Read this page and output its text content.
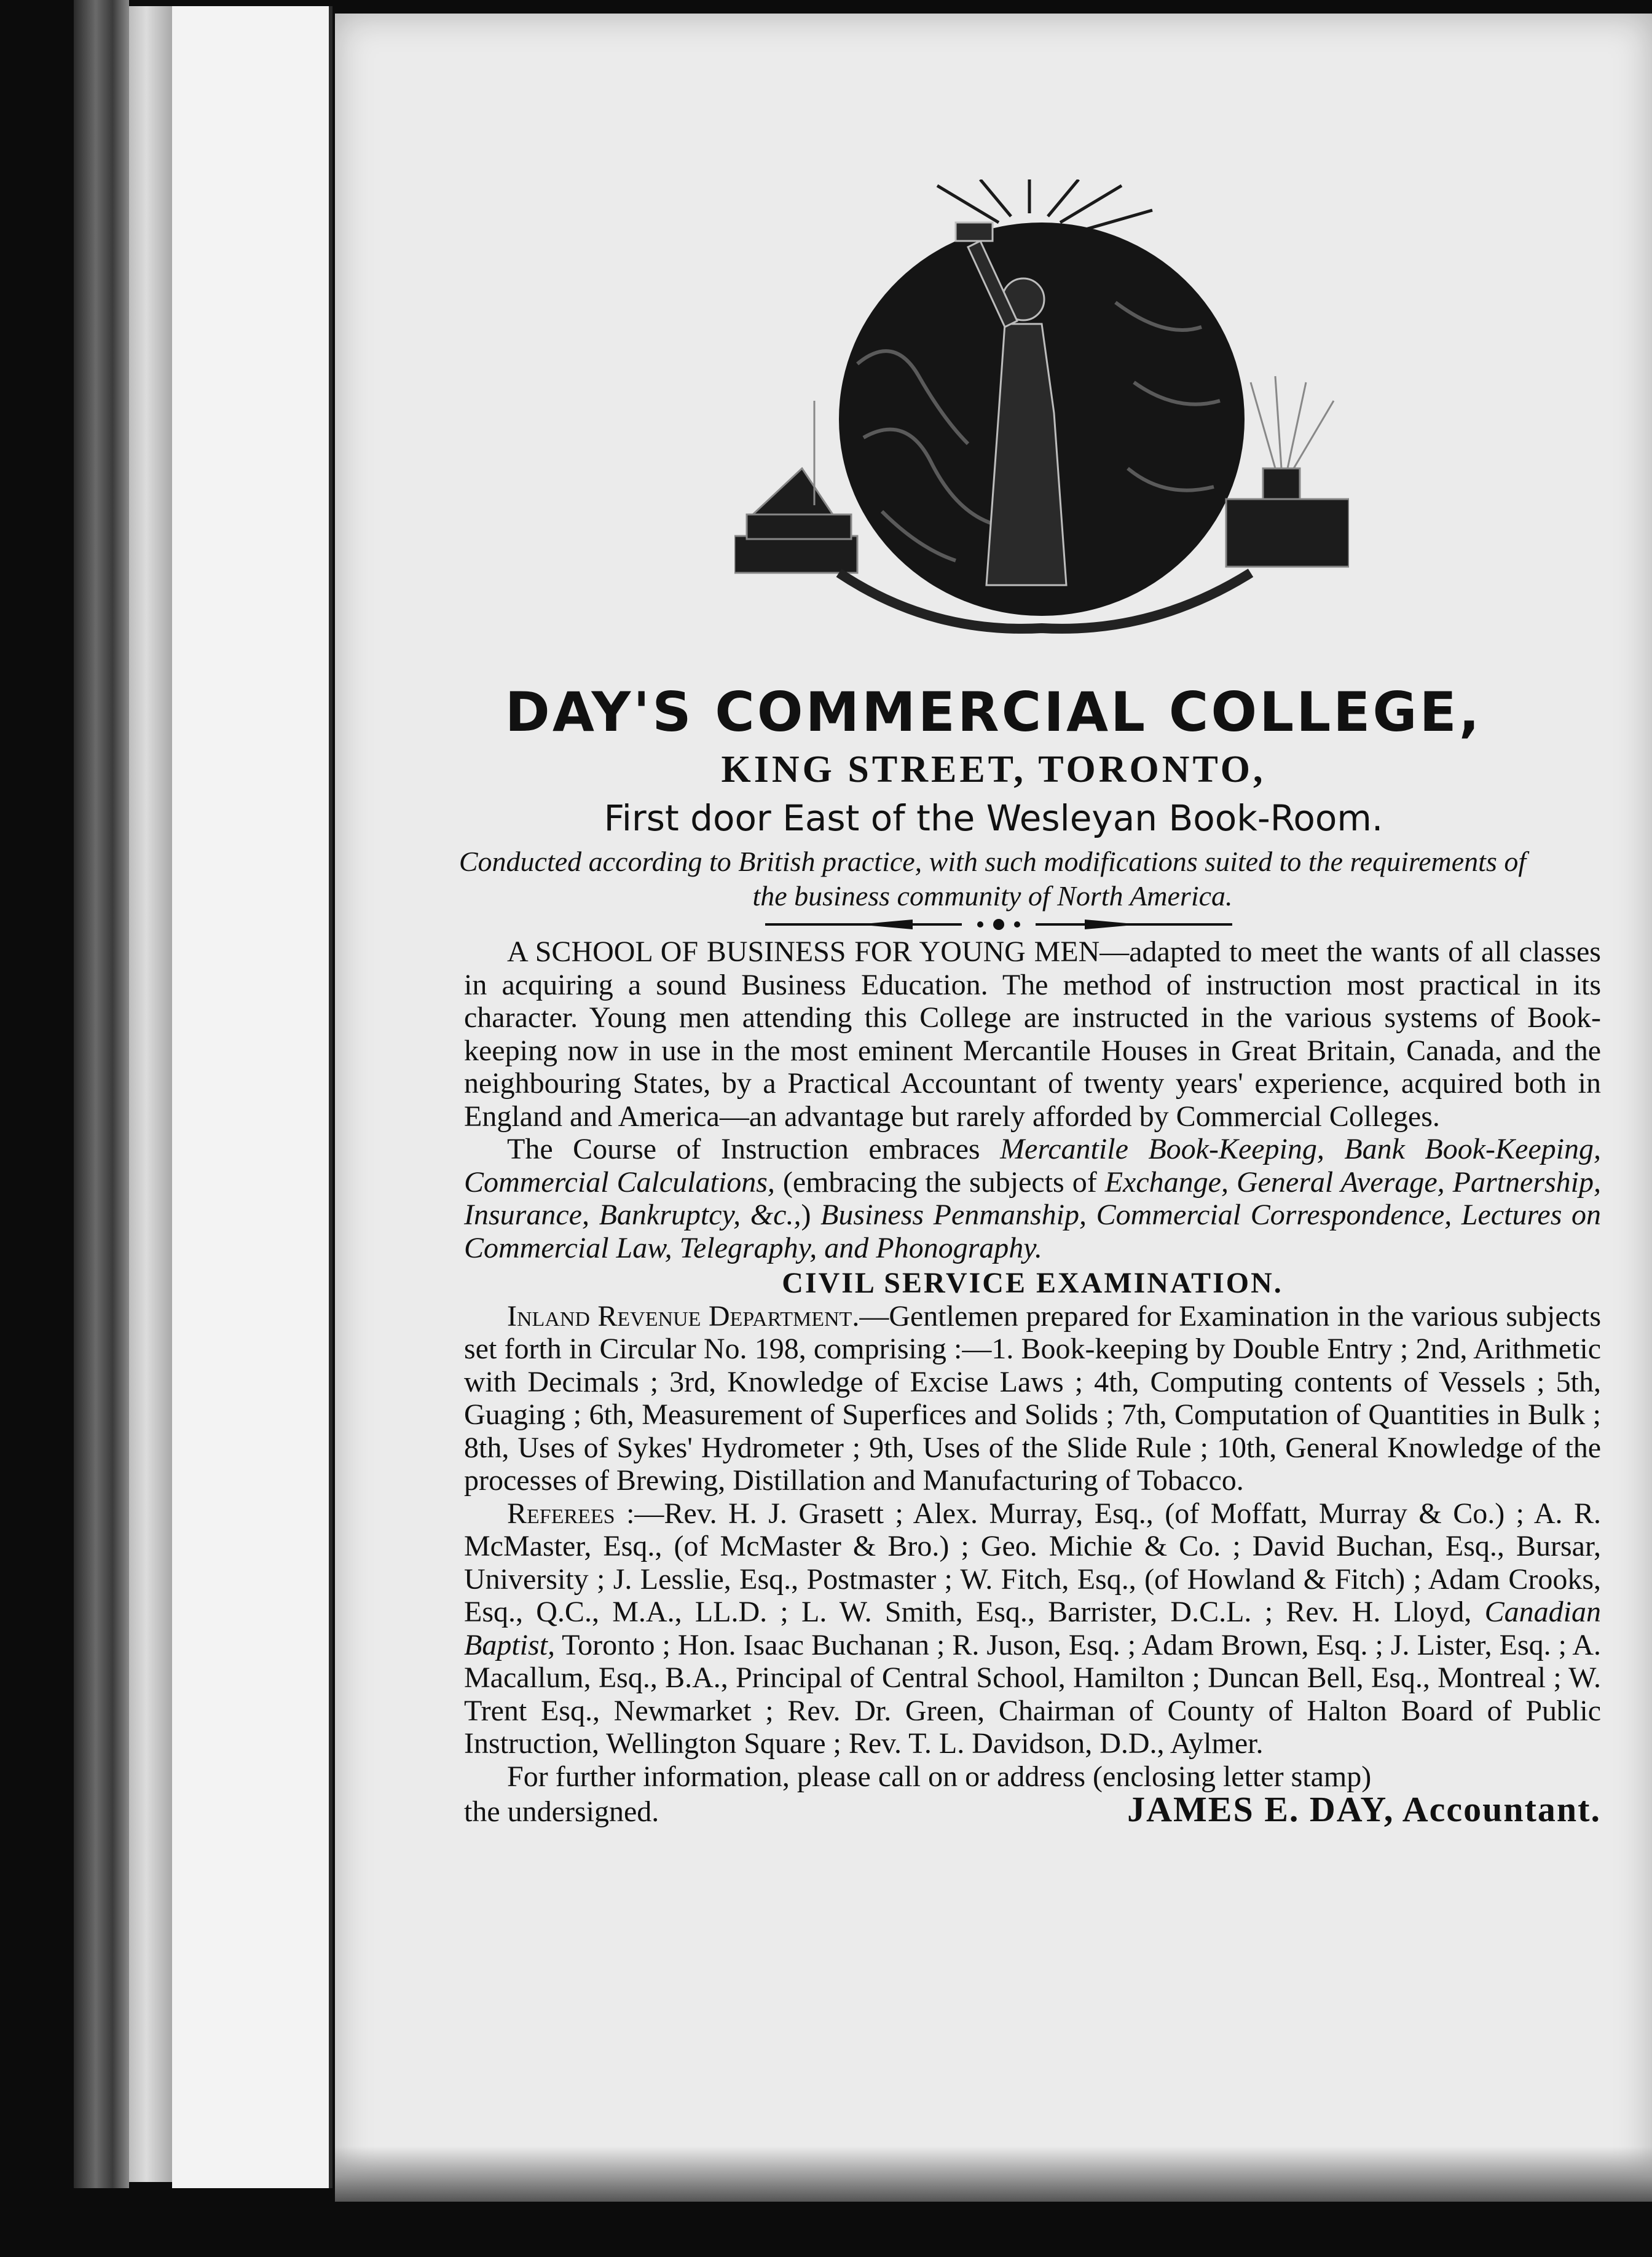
DAY'S COMMERCIAL COLLEGE,
KING STREET, TORONTO,
First door East of the Wesleyan Book-Room.
Conducted according to British practice, with such modifications suited to the requirements of the business community of North America.

A SCHOOL OF BUSINESS FOR YOUNG MEN—adapted to meet the wants of all classes in acquiring a sound Business Education. The method of instruction most practical in its character. Young men attending this College are instructed in the various systems of Book-keeping now in use in the most eminent Mercantile Houses in Great Britain, Canada, and the neighbouring States, by a Practical Accountant of twenty years' experience, acquired both in England and America—an advantage but rarely afforded by Commercial Colleges.

The Course of Instruction embraces Mercantile Book-Keeping, Bank Book-Keeping, Commercial Calculations, (embracing the subjects of Exchange, General Average, Partnership, Insurance, Bankruptcy, &c.,) Business Penmanship, Commercial Correspondence, Lectures on Commercial Law, Telegraphy, and Phonography.

CIVIL SERVICE EXAMINATION.

Inland Revenue Department.—Gentlemen prepared for Examination in the various subjects set forth in Circular No. 198, comprising :—1. Book-keeping by Double Entry ; 2nd, Arithmetic with Decimals ; 3rd, Knowledge of Excise Laws ; 4th, Computing contents of Vessels ; 5th, Guaging ; 6th, Measurement of Superfices and Solids ; 7th, Computation of Quantities in Bulk ; 8th, Uses of Sykes' Hydrometer ; 9th, Uses of the Slide Rule ; 10th, General Knowledge of the processes of Brewing, Distillation and Manufacturing of Tobacco.

Referees :—Rev. H. J. Grasett ; Alex. Murray, Esq., (of Moffatt, Murray & Co.) ; A. R. McMaster, Esq., (of McMaster & Bro.) ; Geo. Michie & Co. ; David Buchan, Esq., Bursar, University ; J. Lesslie, Esq., Postmaster ; W. Fitch, Esq., (of Howland & Fitch) ; Adam Crooks, Esq., Q.C., M.A., LL.D. ; L. W. Smith, Esq., Barrister, D.C.L. ; Rev. H. Lloyd, Canadian Baptist, Toronto ; Hon. Isaac Buchanan ; R. Juson, Esq. ; Adam Brown, Esq. ; J. Lister, Esq. ; A. Macallum, Esq., B.A., Principal of Central School, Hamilton ; Duncan Bell, Esq., Montreal ; W. Trent Esq., Newmarket ; Rev. Dr. Green, Chairman of County of Halton Board of Public Instruction, Wellington Square ; Rev. T. L. Davidson, D.D., Aylmer.

For further information, please call on or address (enclosing letter stamp)

the undersigned.	JAMES E. DAY, Accountant.
